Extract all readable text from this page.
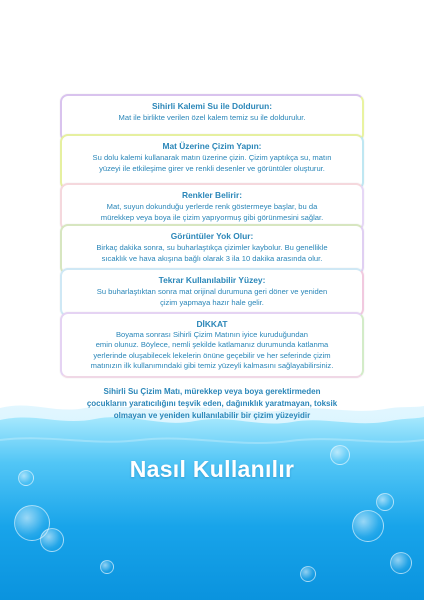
Sihirli Kalemi Su ile Doldurun:
Mat ile birlikte verilen özel kalem temiz su ile doldurulur.
Mat Üzerine Çizim Yapın:
Su dolu kalemi kullanarak matın üzerine çizin. Çizim yaptıkça su, matın
yüzeyi ile etkileşime girer ve renkli desenler ve görüntüler oluşturur.
Renkler Belirir:
Mat, suyun dokunduğu yerlerde renk göstermeye başlar, bu da
mürekkep veya boya ile çizim yapıyormuş gibi görünmesini sağlar.
Görüntüler Yok Olur:
Birkaç dakika sonra, su buharlaştıkça çizimler kaybolur. Bu genellikle
sıcaklık ve hava akışına bağlı olarak 3 ila 10 dakika arasında olur.
Tekrar Kullanılabilir Yüzey:
Su buharlaştıktan sonra mat orijinal durumuna geri döner ve yeniden
çizim yapmaya hazır hale gelir.
DİKKAT
Boyama sonrası Sihirli Çizim Matının iyice kuruduğundan
emin olunuz. Böylece, nemli şekilde katlamanız durumunda katlanma
yerlerinde oluşabilecek lekelerin önüne geçebilir ve her seferinde çizim
matınızın ilk kullanımındaki gibi temiz yüzeyli kalmasını sağlayabilirsiniz.
Sihirli Su Çizim Matı, mürekkep veya boya gerektirmeden
çocukların yaratıcılığını teşvik eden, dağınıklık yaratmayan, toksik
olmayan ve yeniden kullanılabilir bir çizim yüzeyidir
Nasıl Kullanılır
